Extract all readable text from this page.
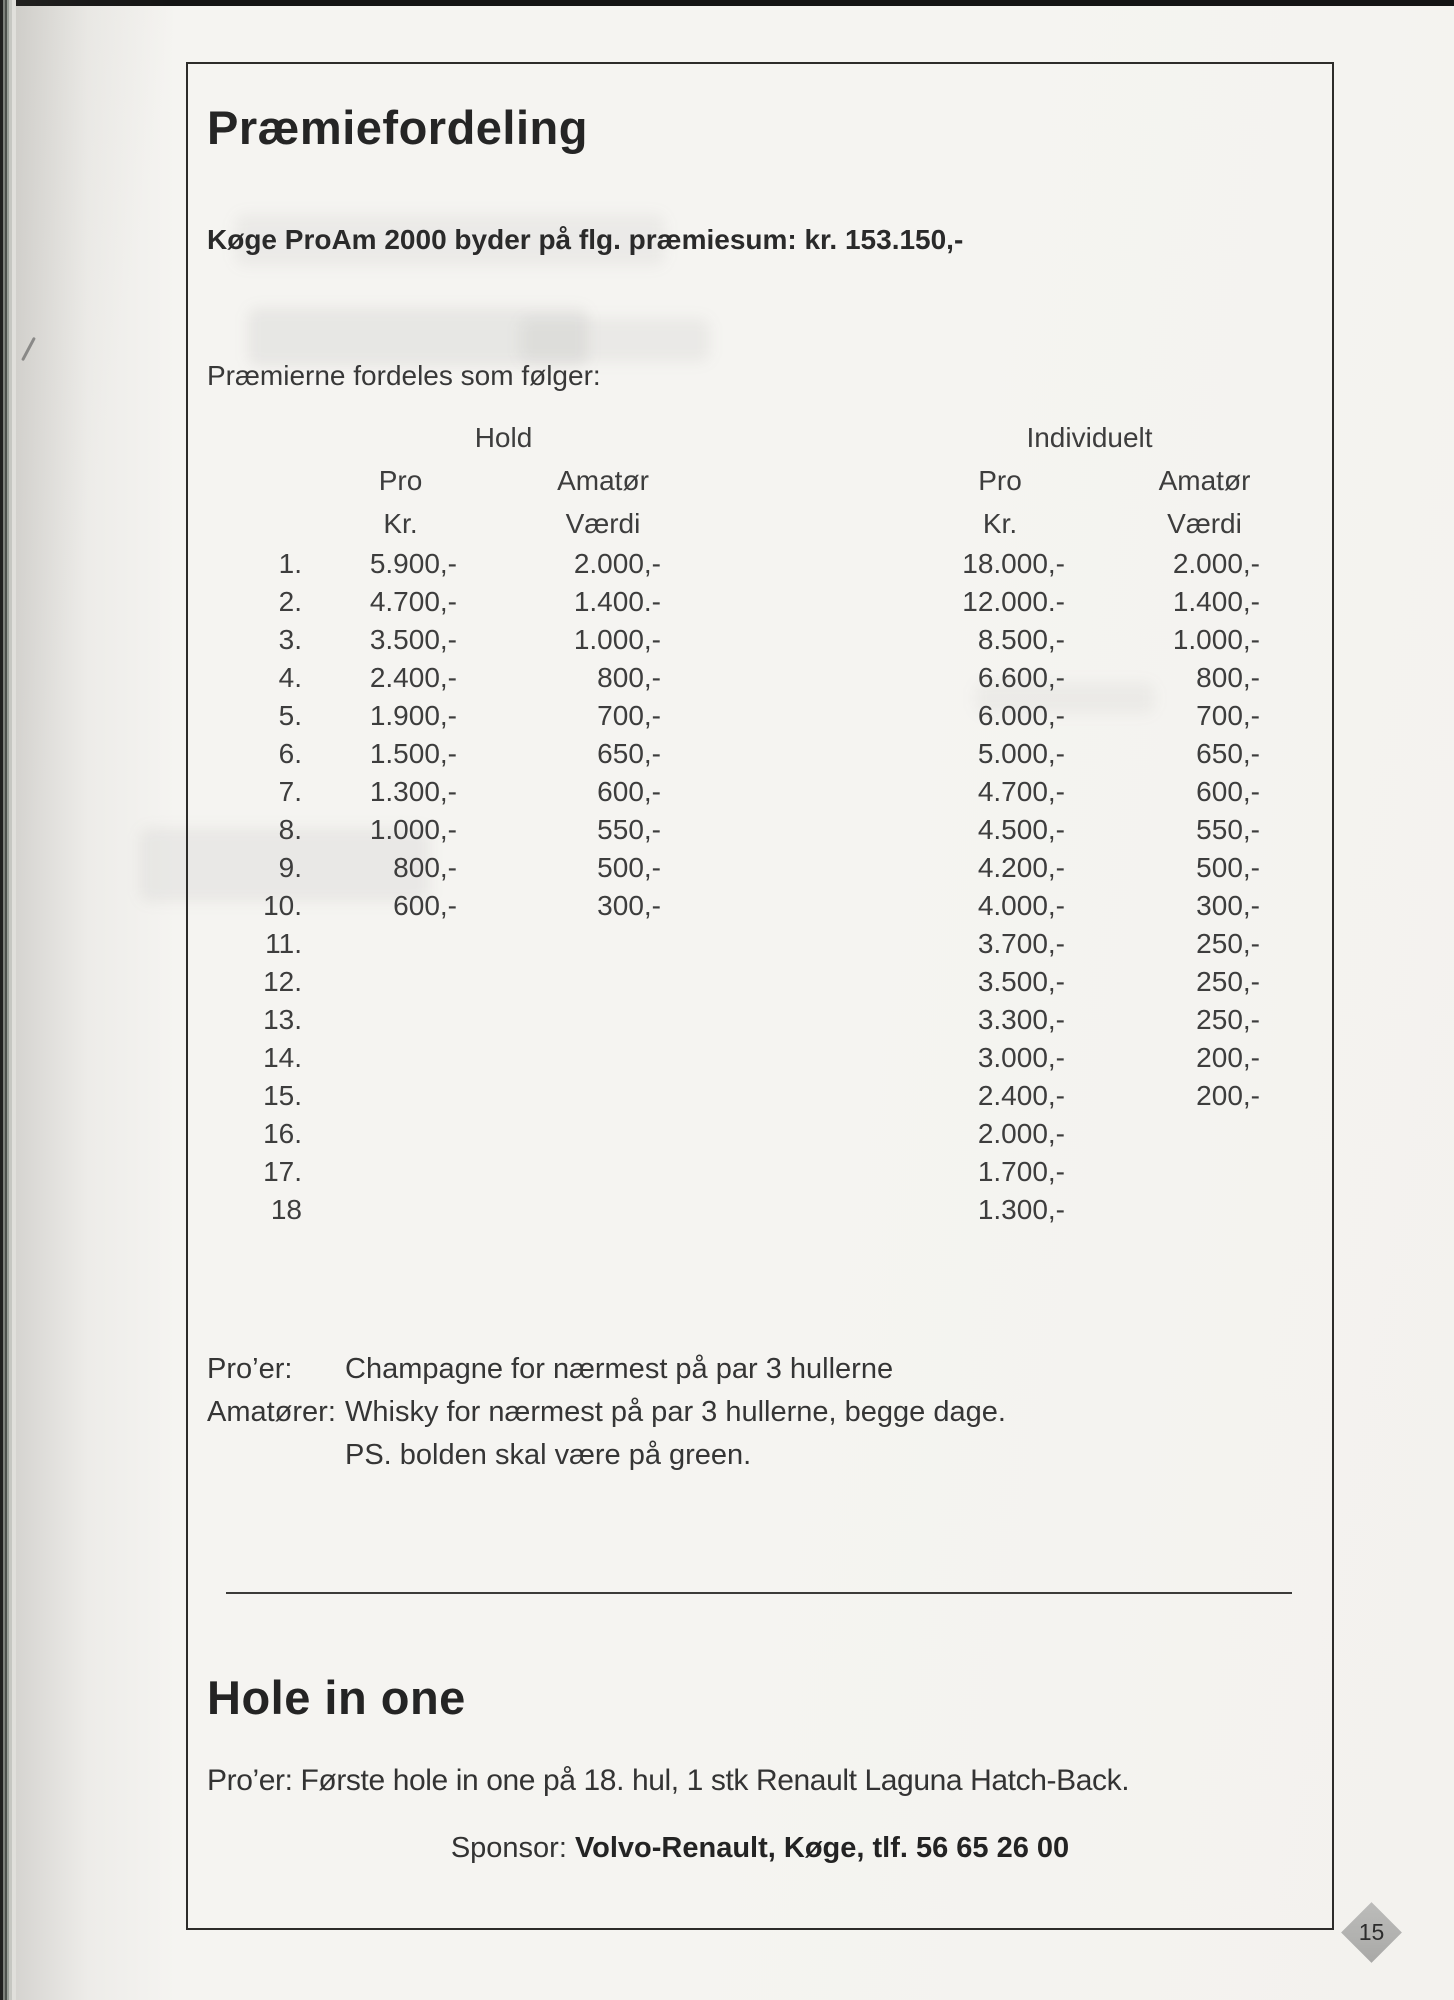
Præmiefordeling
Køge ProAm 2000 byder på flg. præmiesum: kr. 153.150,-
Præmierne fordeles som følger:
	Hold		Individuelt	
	Pro	Amatør	Pro	Amatør
	Kr.	Værdi	Kr.	Værdi
1.	5.900,-	2.000,-	18.000,-	2.000,-
2.	4.700,-	1.400.-	12.000.-	1.400,-
3.	3.500,-	1.000,-	8.500,-	1.000,-
4.	2.400,-	800,-	6.600,-	800,-
5.	1.900,-	700,-	6.000,-	700,-
6.	1.500,-	650,-	5.000,-	650,-
7.	1.300,-	600,-	4.700,-	600,-
8.	1.000,-	550,-	4.500,-	550,-
9.	800,-	500,-	4.200,-	500,-
10.	600,-	300,-	4.000,-	300,-
11.			3.700,-	250,-
12.			3.500,-	250,-
13.			3.300,-	250,-
14.			3.000,-	200,-
15.			2.400,-	200,-
16.			2.000,-	
17.			1.700,-	
18			1.300,-	
Pro’er:	Champagne for nærmest på par 3 hullerne
Amatører: Whisky for nærmest på par 3 hullerne, begge dage.
PS. bolden skal være på green.
Hole in one
Pro’er: Første hole in one på 18. hul, 1 stk Renault Laguna Hatch-Back.
Sponsor: Volvo-Renault, Køge, tlf. 56 65 26 00
15
